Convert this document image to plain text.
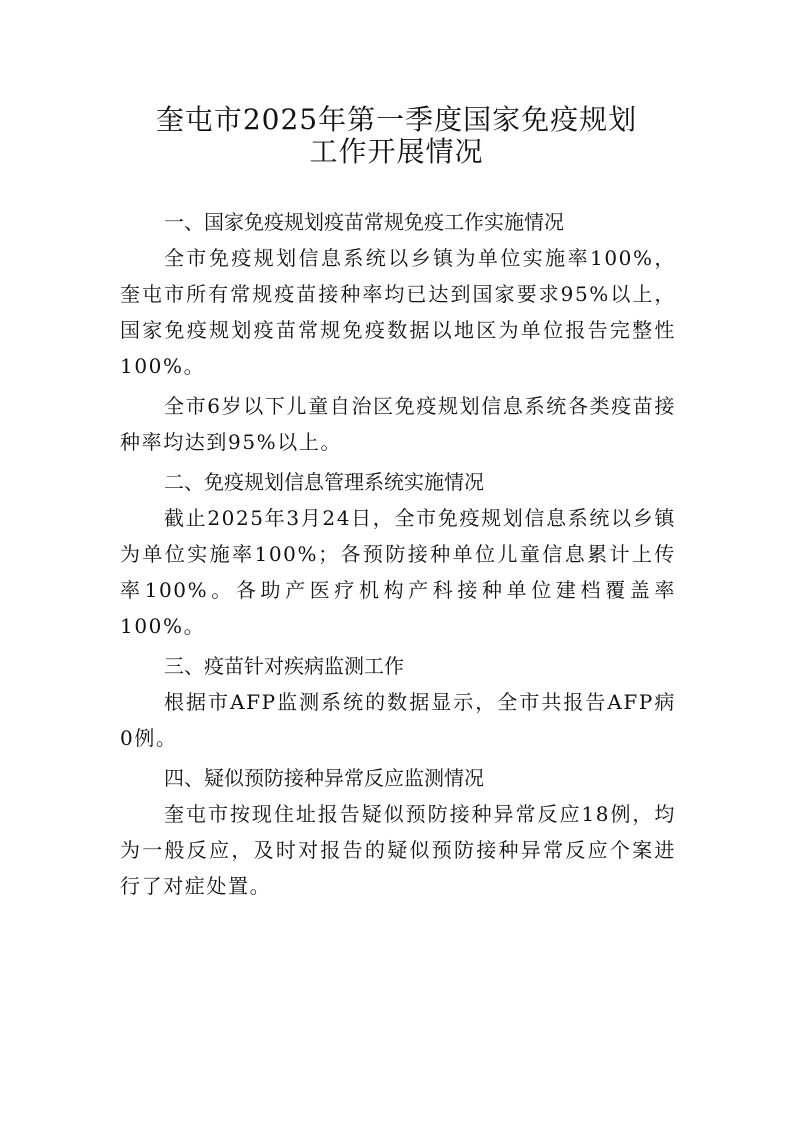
奎屯市2025年第一季度国家免疫规划
工作开展情况
一、国家免疫规划疫苗常规免疫工作实施情况

全市免疫规划信息系统以乡镇为单位实施率100%，奎屯市所有常规疫苗接种率均已达到国家要求95%以上，国家免疫规划疫苗常规免疫数据以地区为单位报告完整性100%。

全市6岁以下儿童自治区免疫规划信息系统各类疫苗接种率均达到95%以上。

二、免疫规划信息管理系统实施情况

截止2025年3月24日，全市免疫规划信息系统以乡镇为单位实施率100%；各预防接种单位儿童信息累计上传率100%。各助产医疗机构产科接种单位建档覆盖率100%。

三、疫苗针对疾病监测工作

根据市AFP监测系统的数据显示，全市共报告AFP病0例。

四、疑似预防接种异常反应监测情况

奎屯市按现住址报告疑似预防接种异常反应18例，均为一般反应，及时对报告的疑似预防接种异常反应个案进行了对症处置。
